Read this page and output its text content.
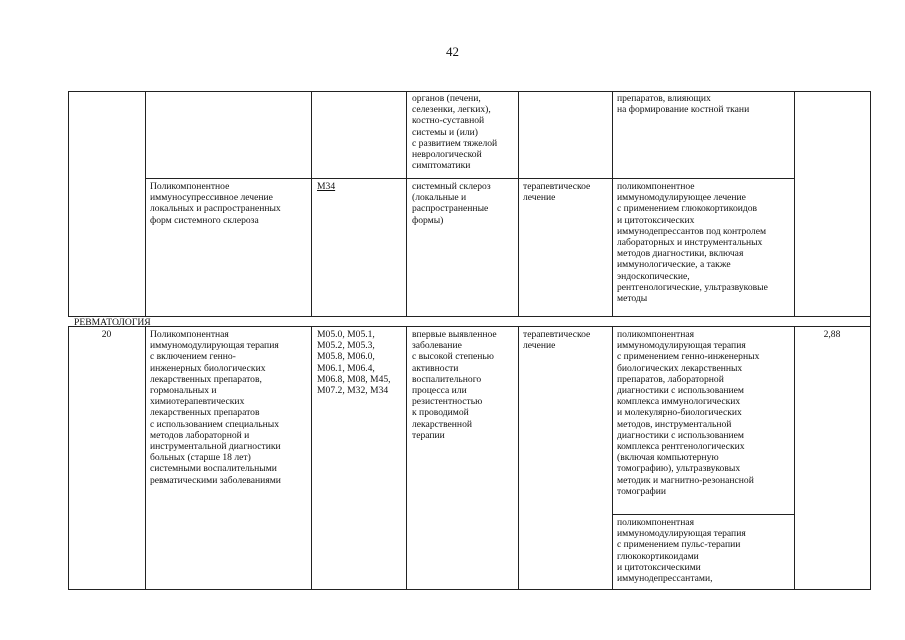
42
органов (печени,
селезенки, легких),
костно-суставной
системы и (или)
с развитием тяжелой
неврологической
симптоматики
препаратов, влияющих
на формирование костной ткани
Поликомпонентное
иммуносупрессивное лечение
локальных и распространенных
форм системного склероза
M34	системный склероз
(локальные и
распространенные
формы)
терапевтическое
лечение
поликомпонентное
иммуномодулирующее лечение
с применением глюкокортикоидов
и цитотоксических
иммунодепрессантов под контролем
лабораторных и инструментальных
методов диагностики, включая
иммунологические, а также
эндоскопические,
рентгенологические, ультразвуковые
методы
РЕВМАТОЛОГИЯ
20	Поликомпонентная
иммуномодулирующая терапия
с включением генно-
инженерных биологических
лекарственных препаратов,
гормональных и
химиотерапевтических
лекарственных препаратов
с использованием специальных
методов лабораторной и
инструментальной диагностики
больных (старше 18 лет)
системными воспалительными
ревматическими заболеваниями
M05.0, M05.1,
M05.2, M05.3,
M05.8, M06.0,
M06.1, M06.4,
M06.8, M08, M45,
M07.2, M32, M34
впервые выявленное
заболевание
с высокой степенью
активности
воспалительного
процесса или
резистентностью
к проводимой
лекарственной
терапии
терапевтическое
лечение
поликомпонентная
иммуномодулирующая терапия
с применением генно-инженерных
биологических лекарственных
препаратов, лабораторной
диагностики с использованием
комплекса иммунологических
и молекулярно-биологических
методов, инструментальной
диагностики с использованием
комплекса рентгенологических
(включая компьютерную
томографию), ультразвуковых
методик и магнитно-резонансной
томографии
поликомпонентная
иммуномодулирующая терапия
с применением пульс-терапии
глюкокортикоидами
и цитотоксическими
иммунодепрессантами,
2,88
